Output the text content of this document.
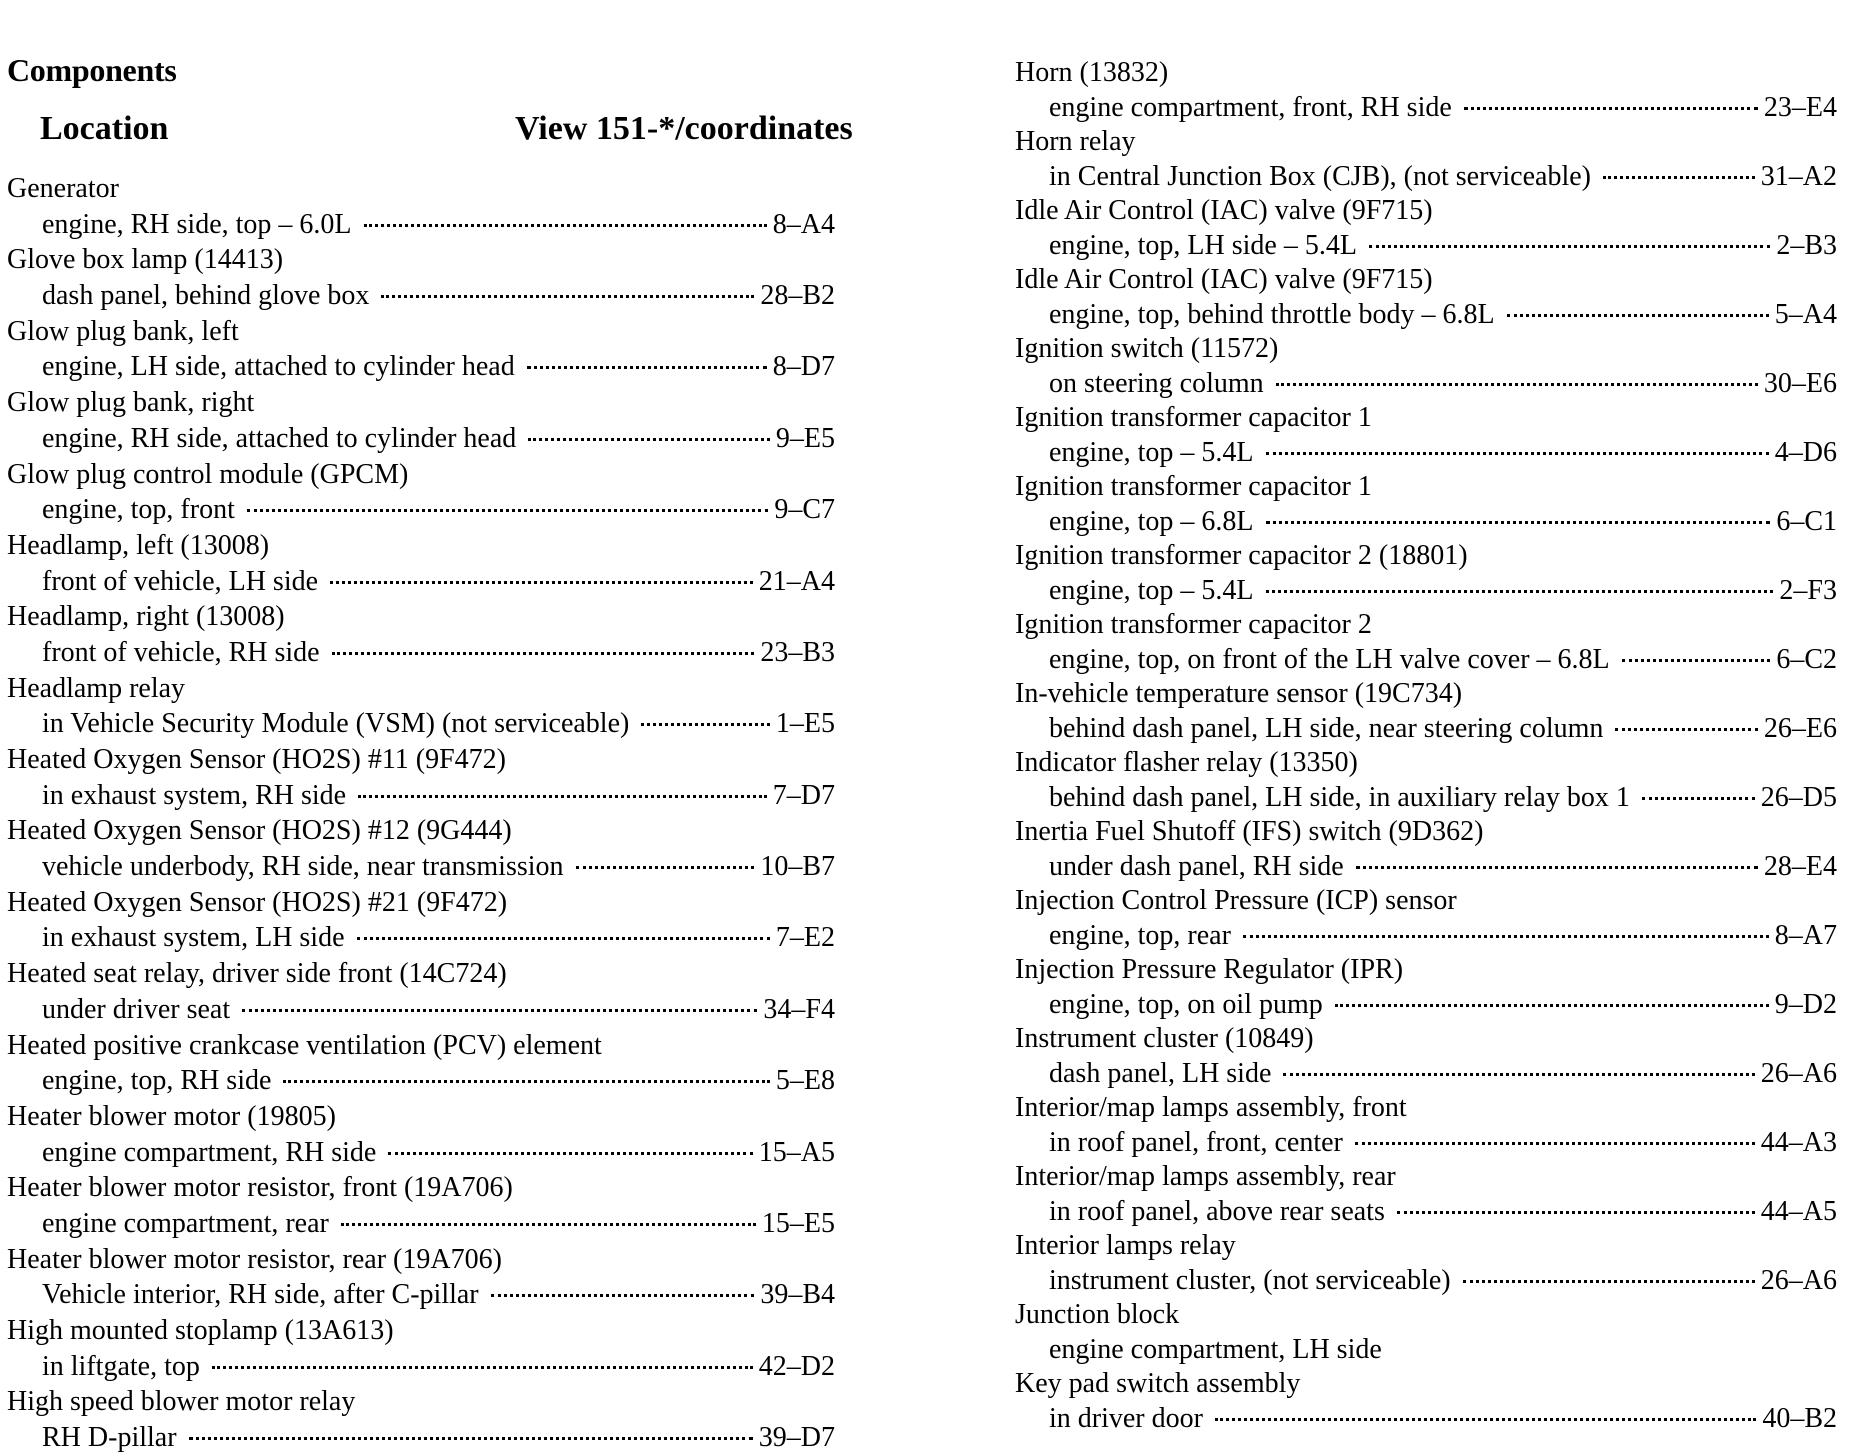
Components
Location	View 151-*/coordinates
Generator
engine, RH side, top – 6.0L	8–A4
Glove box lamp (14413)
dash panel, behind glove box	28–B2
Glow plug bank, left
engine, LH side, attached to cylinder head	8–D7
Glow plug bank, right
engine, RH side, attached to cylinder head	9–E5
Glow plug control module (GPCM)
engine, top, front	9–C7
Headlamp, left (13008)
front of vehicle, LH side	21–A4
Headlamp, right (13008)
front of vehicle, RH side	23–B3
Headlamp relay
in Vehicle Security Module (VSM) (not serviceable)	1–E5
Heated Oxygen Sensor (HO2S) #11 (9F472)
in exhaust system, RH side	7–D7
Heated Oxygen Sensor (HO2S) #12 (9G444)
vehicle underbody, RH side, near transmission	10–B7
Heated Oxygen Sensor (HO2S) #21 (9F472)
in exhaust system, LH side	7–E2
Heated seat relay, driver side front (14C724)
under driver seat	34–F4
Heated positive crankcase ventilation (PCV) element
engine, top, RH side	5–E8
Heater blower motor (19805)
engine compartment, RH side	15–A5
Heater blower motor resistor, front (19A706)
engine compartment, rear	15–E5
Heater blower motor resistor, rear (19A706)
Vehicle interior, RH side, after C-pillar	39–B4
High mounted stoplamp (13A613)
in liftgate, top	42–D2
High speed blower motor relay
RH D-pillar	39–D7
Horn (13832)
engine compartment, front, RH side	23–E4
Horn relay
in Central Junction Box (CJB), (not serviceable)	31–A2
Idle Air Control (IAC) valve (9F715)
engine, top, LH side – 5.4L	2–B3
Idle Air Control (IAC) valve (9F715)
engine, top, behind throttle body – 6.8L	5–A4
Ignition switch (11572)
on steering column	30–E6
Ignition transformer capacitor 1
engine, top – 5.4L	4–D6
Ignition transformer capacitor 1
engine, top – 6.8L	6–C1
Ignition transformer capacitor 2 (18801)
engine, top – 5.4L	2–F3
Ignition transformer capacitor 2
engine, top, on front of the LH valve cover – 6.8L	6–C2
In-vehicle temperature sensor (19C734)
behind dash panel, LH side, near steering column	26–E6
Indicator flasher relay (13350)
behind dash panel, LH side, in auxiliary relay box 1	26–D5
Inertia Fuel Shutoff (IFS) switch (9D362)
under dash panel, RH side	28–E4
Injection Control Pressure (ICP) sensor
engine, top, rear	8–A7
Injection Pressure Regulator (IPR)
engine, top, on oil pump	9–D2
Instrument cluster (10849)
dash panel, LH side	26–A6
Interior/map lamps assembly, front
in roof panel, front, center	44–A3
Interior/map lamps assembly, rear
in roof panel, above rear seats	44–A5
Interior lamps relay
instrument cluster, (not serviceable)	26–A6
Junction block
engine compartment, LH side
Key pad switch assembly
in driver door	40–B2
